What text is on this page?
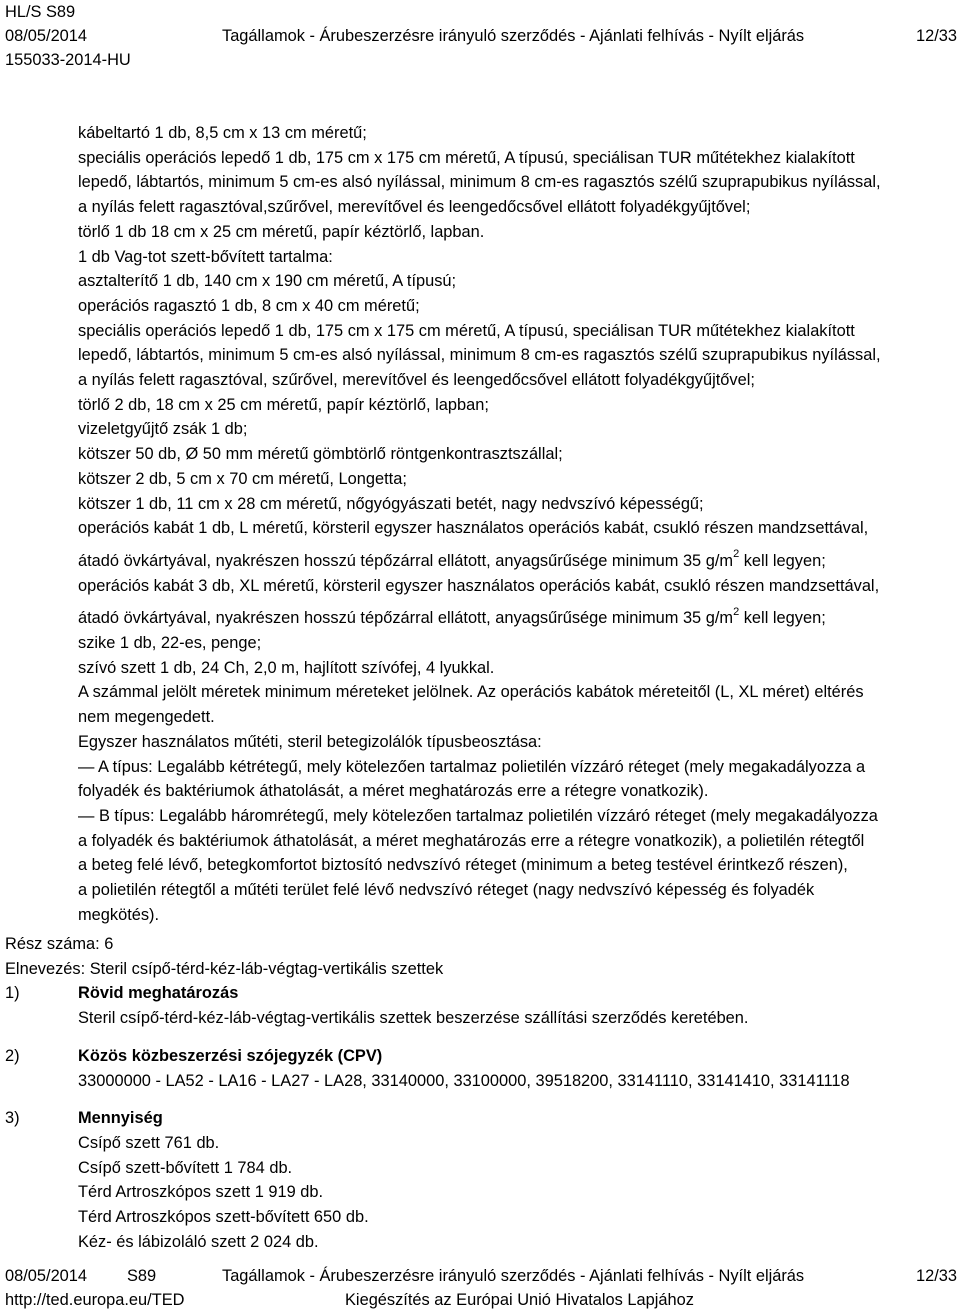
HL/S S89
08/05/2014	Tagállamok - Árubeszerzésre irányuló szerződés - Ajánlati felhívás - Nyílt eljárás	12/33
155033-2014-HU

kábeltartó 1 db, 8,5 cm x 13 cm méretű;

speciális operációs lepedő 1 db, 175 cm x 175 cm méretű, A típusú, speciálisan TUR műtétekhez kialakított

lepedő, lábtartós, minimum 5 cm-es alsó nyílással, minimum 8 cm-es ragasztós szélű szuprapubikus nyílással,

a nyílás felett ragasztóval,szűrővel, merevítővel és leengedőcsővel ellátott folyadékgyűjtővel;

törlő 1 db 18 cm x 25 cm méretű, papír kéztörlő, lapban.

1 db Vag-tot szett-bővített tartalma:

asztalterítő 1 db, 140 cm x 190 cm méretű, A típusú;

operációs ragasztó 1 db, 8 cm x 40 cm méretű;

speciális operációs lepedő 1 db, 175 cm x 175 cm méretű, A típusú, speciálisan TUR műtétekhez kialakított

lepedő, lábtartós, minimum 5 cm-es alsó nyílással, minimum 8 cm-es ragasztós szélű szuprapubikus nyílással,

a nyílás felett ragasztóval, szűrővel, merevítővel és leengedőcsővel ellátott folyadékgyűjtővel;

törlő 2 db, 18 cm x 25 cm méretű, papír kéztörlő, lapban;

vizeletgyűjtő zsák 1 db;

kötszer 50 db, Ø 50 mm méretű gömbtörlő röntgenkontrasztszállal;

kötszer 2 db, 5 cm x 70 cm méretű, Longetta;

kötszer 1 db, 11 cm x 28 cm méretű, nőgyógyászati betét, nagy nedvszívó képességű;

operációs kabát 1 db, L méretű, körsteril egyszer használatos operációs kabát, csukló részen mandzsettával,

átadó övkártyával, nyakrészen hosszú tépőzárral ellátott, anyagsűrűsége minimum 35 $g/m^2$ kell legyen;

operációs kabát 3 db, XL méretű, körsteril egyszer használatos operációs kabát, csukló részen mandzsettával,

átadó övkártyával, nyakrészen hosszú tépőzárral ellátott, anyagsűrűsége minimum 35 $g/m^2$ kell legyen;

szike 1 db, 22-es, penge;

szívó szett 1 db, 24 Ch, 2,0 m, hajlított szívófej, 4 lyukkal.

A számmal jelölt méretek minimum méreteket jelölnek. Az operációs kabátok méreteitől (L, XL méret) eltérés

nem megengedett.

Egyszer használatos műtéti, steril betegizolálók típusbeosztása:

— A típus: Legalább kétrétegű, mely kötelezően tartalmaz polietilén vízzáró réteget (mely megakadályozza a

folyadék és baktériumok áthatolását, a méret meghatározás erre a rétegre vonatkozik).

— B típus: Legalább háromrétegű, mely kötelezően tartalmaz polietilén vízzáró réteget (mely megakadályozza

a folyadék és baktériumok áthatolását, a méret meghatározás erre a rétegre vonatkozik), a polietilén rétegtől

a beteg felé lévő, betegkomfortot biztosító nedvszívó réteget (minimum a beteg testével érintkező részen),

a polietilén rétegtől a műtéti terület felé lévő nedvszívó réteget (nagy nedvszívó képesség és folyadék

megkötés).

Rész száma: 6

Elnevezés: Steril csípő-térd-kéz-láb-végtag-vertikális szettek

1)	Rövid meghatározás

Steril csípő-térd-kéz-láb-végtag-vertikális szettek beszerzése szállítási szerződés keretében.

2)	Közös közbeszerzési szójegyzék (CPV)

33000000 - LA52 - LA16 - LA27 - LA28, 33140000, 33100000, 39518200, 33141110, 33141410, 33141118

3)	Mennyiség

Csípő szett 761 db.

Csípő szett-bővített 1 784 db.

Térd Artroszkópos szett 1 919 db.

Térd Artroszkópos szett-bővített 650 db.

Kéz- és lábizoláló szett 2 024 db.

08/05/2014 S89	Tagállamok - Árubeszerzésre irányuló szerződés - Ajánlati felhívás - Nyílt eljárás	12/33
http://ted.europa.eu/TED	Kiegészítés az Európai Unió Hivatalos Lapjához
